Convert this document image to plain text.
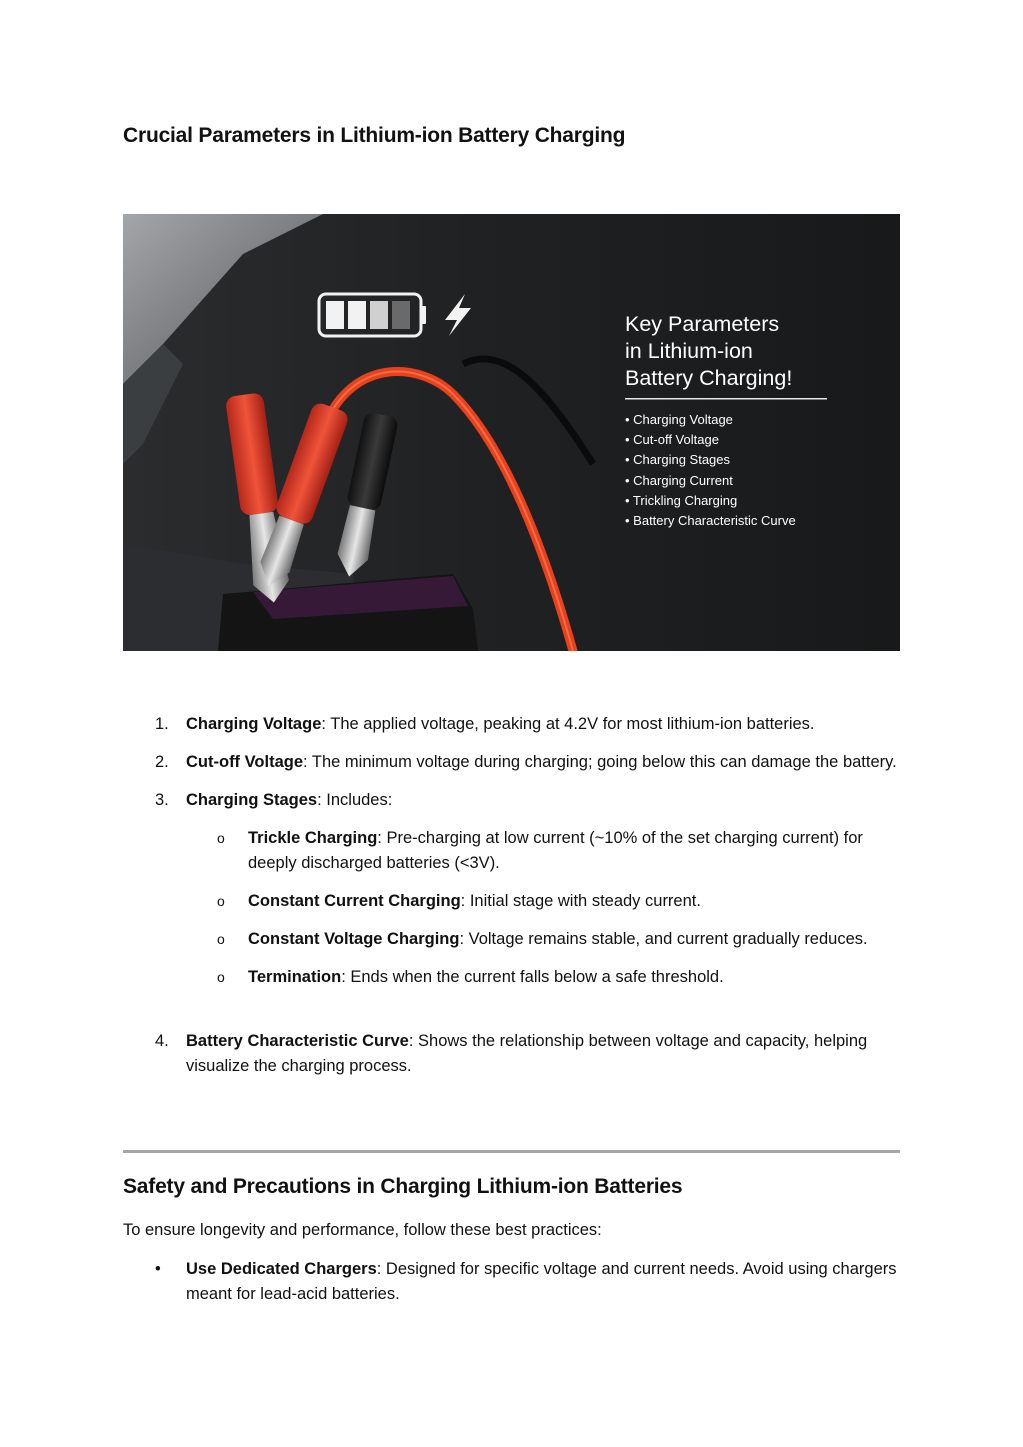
Crucial Parameters in Lithium-ion Battery Charging
Key Parameters
in Lithium-ion
Battery Charging!
• Charging Voltage
• Cut-off Voltage
• Charging Stages
• Charging Current
• Trickling Charging
• Battery Characteristic Curve
1. Charging Voltage: The applied voltage, peaking at 4.2V for most lithium-ion batteries.
2. Cut-off Voltage: The minimum voltage during charging; going below this can damage the battery.
3. Charging Stages: Includes:
o Trickle Charging: Pre-charging at low current (~10% of the set charging current) for deeply discharged batteries (<3V).
o Constant Current Charging: Initial stage with steady current.
o Constant Voltage Charging: Voltage remains stable, and current gradually reduces.
o Termination: Ends when the current falls below a safe threshold.
4. Battery Characteristic Curve: Shows the relationship between voltage and capacity, helping visualize the charging process.
Safety and Precautions in Charging Lithium-ion Batteries

To ensure longevity and performance, follow these best practices:

• Use Dedicated Chargers: Designed for specific voltage and current needs. Avoid using chargers meant for lead-acid batteries.
